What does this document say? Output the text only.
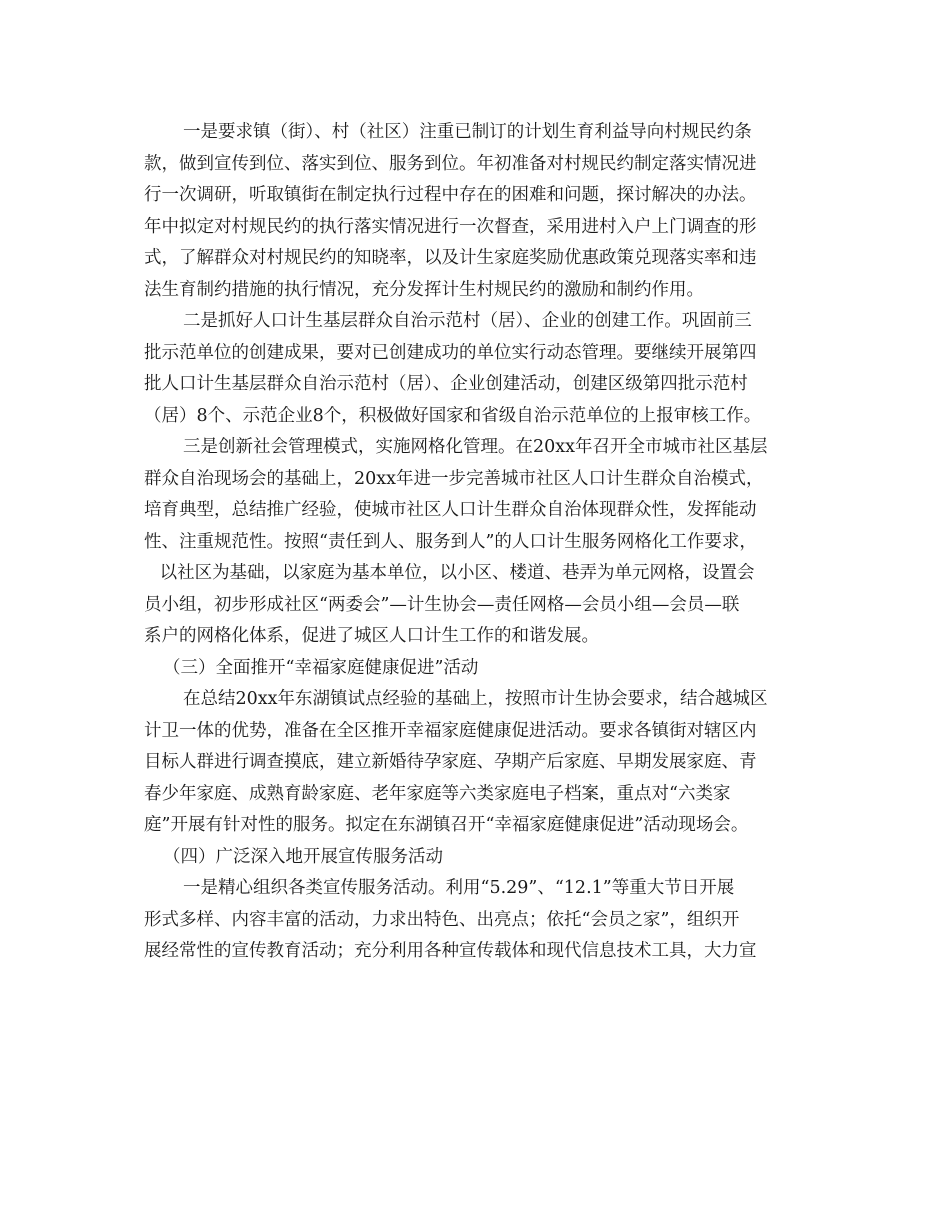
一是要求镇（街）、村（社区）注重已制订的计划生育利益导向村规民约条
款，做到宣传到位、落实到位、服务到位。年初准备对村规民约制定落实情况进
行一次调研，听取镇街在制定执行过程中存在的困难和问题，探讨解决的办法。
年中拟定对村规民约的执行落实情况进行一次督查，采用进村入户上门调查的形
式，了解群众对村规民约的知晓率，以及计生家庭奖励优惠政策兑现落实率和违
法生育制约措施的执行情况，充分发挥计生村规民约的激励和制约作用。
二是抓好人口计生基层群众自治示范村（居）、企业的创建工作。巩固前三
批示范单位的创建成果，要对已创建成功的单位实行动态管理。要继续开展第四
批人口计生基层群众自治示范村（居）、企业创建活动，创建区级第四批示范村
（居）8个、示范企业8个，积极做好国家和省级自治示范单位的上报审核工作。
三是创新社会管理模式，实施网格化管理。在20xx年召开全市城市社区基层
群众自治现场会的基础上，20xx年进一步完善城市社区人口计生群众自治模式，
培育典型，总结推广经验，使城市社区人口计生群众自治体现群众性，发挥能动
性、注重规范性。按照“责任到人、服务到人”的人口计生服务网格化工作要求，
以社区为基础，以家庭为基本单位，以小区、楼道、巷弄为单元网格，设置会
员小组，初步形成社区“两委会”—计生协会—责任网格—会员小组—会员—联
系户的网格化体系，促进了城区人口计生工作的和谐发展。
（三）全面推开“幸福家庭健康促进”活动
在总结20xx年东湖镇试点经验的基础上，按照市计生协会要求，结合越城区
计卫一体的优势，准备在全区推开幸福家庭健康促进活动。要求各镇街对辖区内
目标人群进行调查摸底，建立新婚待孕家庭、孕期产后家庭、早期发展家庭、青
春少年家庭、成熟育龄家庭、老年家庭等六类家庭电子档案，重点对“六类家
庭”开展有针对性的服务。拟定在东湖镇召开“幸福家庭健康促进”活动现场会。
（四）广泛深入地开展宣传服务活动
一是精心组织各类宣传服务活动。利用“5.29”、“12.1”等重大节日开展
形式多样、内容丰富的活动，力求出特色、出亮点；依托“会员之家”，组织开
展经常性的宣传教育活动；充分利用各种宣传载体和现代信息技术工具，大力宣
